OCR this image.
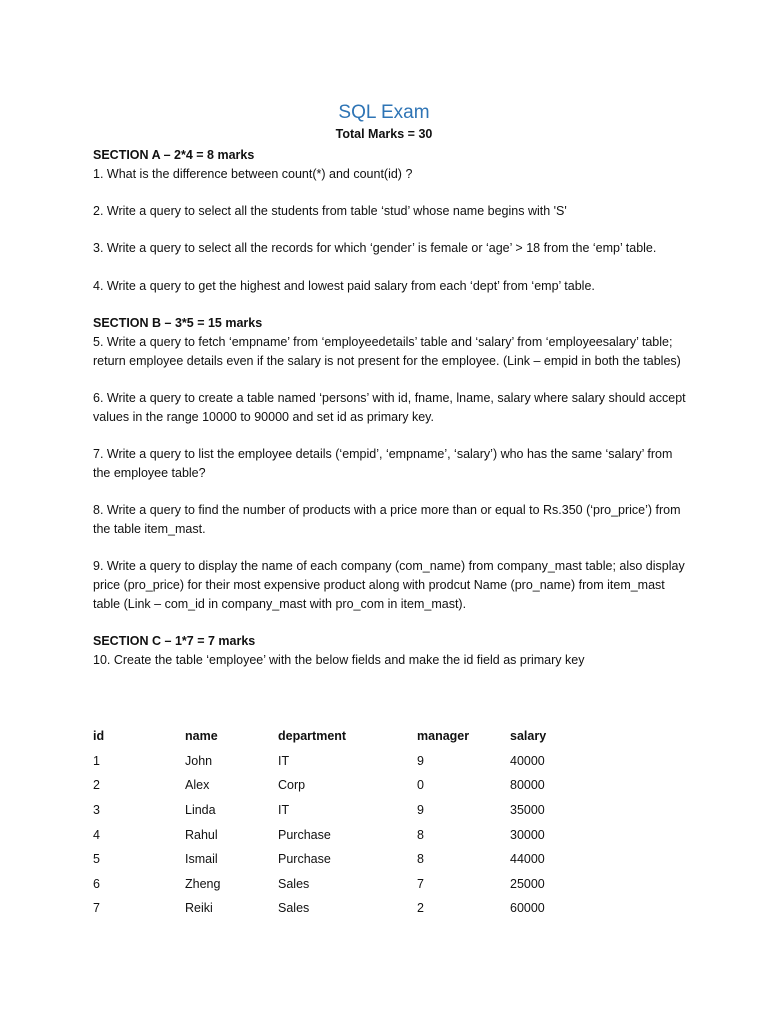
SQL Exam
Total Marks = 30

SECTION A – 2*4 = 8 marks

1. What is the difference between count(*) and count(id) ?

2. Write a query to select all the students from table ‘stud’ whose name begins with 'S'

3. Write a query to select all the records for which ‘gender’ is female or ‘age’ > 18 from the ‘emp’ table.

4. Write a query to get the highest and lowest paid salary from each ‘dept’ from ‘emp’ table.

SECTION B – 3*5 = 15 marks

5. Write a query to fetch ‘empname’ from ‘employeedetails’ table and ‘salary’ from ‘employeesalary’ table; return employee details even if the salary is not present for the employee. (Link – empid in both the tables)

6. Write a query to create a table named ‘persons’ with id, fname, lname, salary where salary should accept values in the range 10000 to 90000 and set id as primary key.

7. Write a query to list the employee details (‘empid’, ‘empname’, ‘salary’) who has the same ‘salary’ from the employee table?

8. Write a query to find the number of products with a price more than or equal to Rs.350 (‘pro_price’) from the table item_mast.

9. Write a query to display the name of each company (com_name) from company_mast table; also display price (pro_price) for their most expensive product along with prodcut Name (pro_name) from item_mast table (Link – com_id in company_mast with pro_com in item_mast).

SECTION C – 1*7 = 7 marks

10. Create the table ‘employee’ with the below fields and make the id field as primary key

id	name	department	manager	salary
1	John	IT	9	40000
2	Alex	Corp	0	80000
3	Linda	IT	9	35000
4	Rahul	Purchase	8	30000
5	Ismail	Purchase	8	44000
6	Zheng	Sales	7	25000
7	Reiki	Sales	2	60000
